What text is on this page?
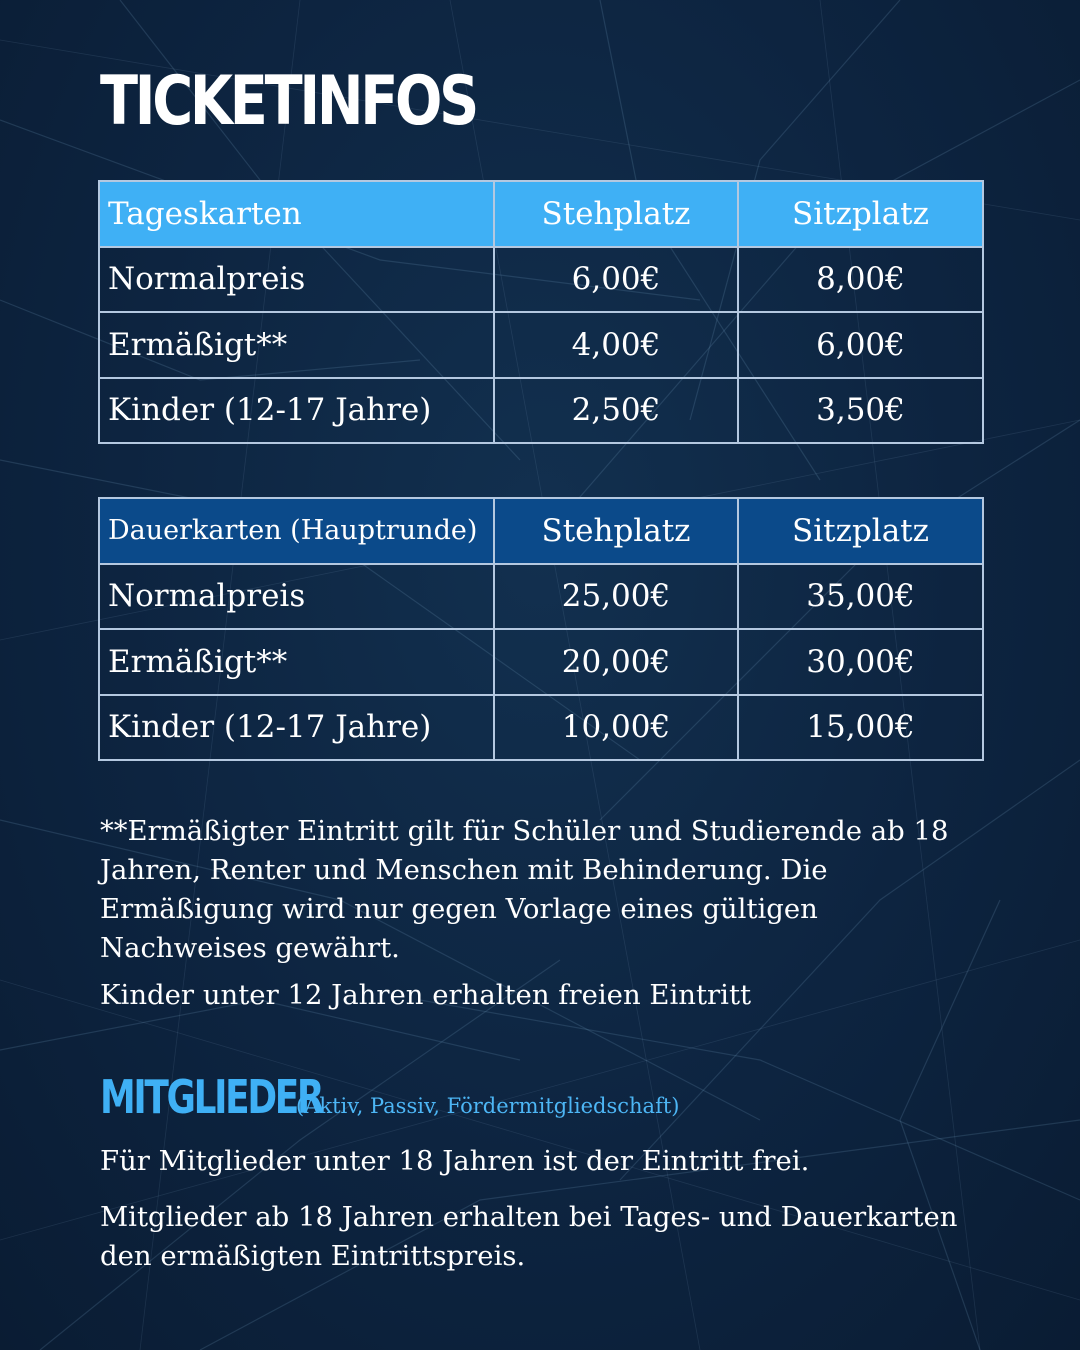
TICKETINFOS
Tageskarten	Stehplatz	Sitzplatz
Normalpreis	6,00€	8,00€
Ermäßigt**	4,00€	6,00€
Kinder (12-17 Jahre)	2,50€	3,50€
Dauerkarten (Hauptrunde)	Stehplatz	Sitzplatz
Normalpreis	25,00€	35,00€
Ermäßigt**	20,00€	30,00€
Kinder (12-17 Jahre)	10,00€	15,00€

**Ermäßigter Eintritt gilt für Schüler und Studierende ab 18 Jahren, Renter und Menschen mit Behinderung. Die Ermäßigung wird nur gegen Vorlage eines gültigen Nachweises gewährt.

Kinder unter 12 Jahren erhalten freien Eintritt

MITGLIEDER
(Aktiv, Passiv, Fördermitgliedschaft)

Für Mitglieder unter 18 Jahren ist der Eintritt frei.

Mitglieder ab 18 Jahren erhalten bei Tages- und Dauerkarten den ermäßigten Eintrittspreis.
